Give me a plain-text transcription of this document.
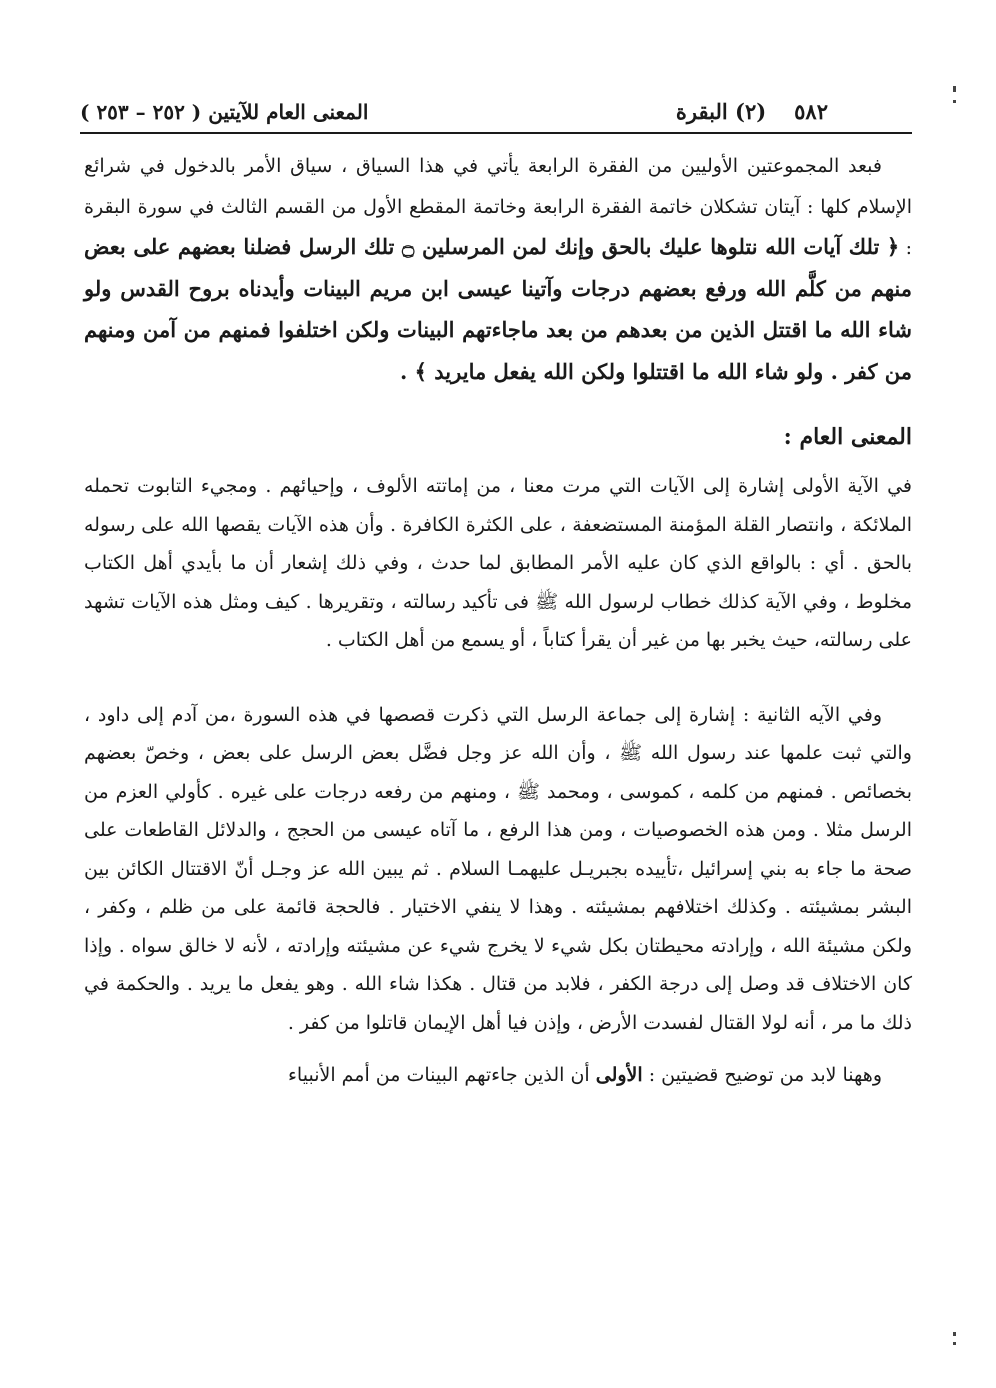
٥٨٢
(٢) البقرة
المعنى العام للآيتين ( ٢٥٢ – ٢٥٣ )

فبعد المجموعتين الأوليين من الفقرة الرابعة يأتي في هذا السياق ، سياق الأمر بالدخول في شرائع الإسلام كلها : آيتان تشكلان خاتمة الفقرة الرابعة وخاتمة المقطع الأول من القسم الثالث في سورة البقرة : ﴿ تلك آيات الله نتلوها عليك بالحق وإنك لمن المرسلين ۝ تلك الرسل فضلنا بعضهم على بعض منهم من كلَّم الله ورفع بعضهم درجات وآتينا عيسى ابن مريم البينات وأيدناه بروح القدس ولو شاء الله ما اقتتل الذين من بعدهم من بعد ماجاءتهم البينات ولكن اختلفوا فمنهم من آمن ومنهم من كفر . ولو شاء الله ما اقتتلوا ولكن الله يفعل مايريد ﴾ .

المعنى العام :

في الآية الأولى إشارة إلى الآيات التي مرت معنا ، من إماتته الألوف ، وإحيائهم . ومجيء التابوت تحمله الملائكة ، وانتصار القلة المؤمنة المستضعفة ، على الكثرة الكافرة . وأن هذه الآيات يقصها الله على رسوله بالحق . أي : بالواقع الذي كان عليه الأمر المطابق لما حدث ، وفي ذلك إشعار أن ما بأيدي أهل الكتاب مخلوط ، وفي الآية كذلك خطاب لرسول الله ﷺ فى تأكيد رسالته ، وتقريرها . كيف ومثل هذه الآيات تشهد على رسالته، حيث يخبر بها من غير أن يقرأ كتاباً ، أو يسمع من أهل الكتاب .

وفي الآيه الثانية : إشارة إلى جماعة الرسل التي ذكرت قصصها في هذه السورة ،من آدم إلى داود ، والتي ثبت علمها عند رسول الله ﷺ ، وأن الله عز وجل فضَّل بعض الرسل على بعض ، وخصّ بعضهم بخصائص . فمنهم من كلمه ، كموسى ، ومحمد ﷺ ، ومنهم من رفعه درجات على غيره . كأولي العزم من الرسل مثلا . ومن هذه الخصوصيات ، ومن هذا الرفع ، ما آتاه عيسى من الحجج ، والدلائل القاطعات على صحة ما جاء به بني إسرائيل ،تأييده بجبريـل عليهمـا السلام . ثم يبين الله عز وجـل أنّ الاقتتال الكائن بين البشر بمشيئته . وكذلك اختلافهم بمشيئته . وهذا لا ينفي الاختيار . فالحجة قائمة على من ظلم ، وكفر ، ولكن مشيئة الله ، وإرادته محيطتان بكل شيء لا يخرج شيء عن مشيئته وإرادته ، لأنه لا خالق سواه . وإذا كان الاختلاف قد وصل إلى درجة الكفر ، فلابد من قتال . هكذا شاء الله . وهو يفعل ما يريد . والحكمة في ذلك ما مر ، أنه لولا القتال لفسدت الأرض ، وإذن فيا أهل الإيمان قاتلوا من كفر .

وههنا لابد من توضيح قضيتين : الأولى أن الذين جاءتهم البينات من أمم الأنبياء
